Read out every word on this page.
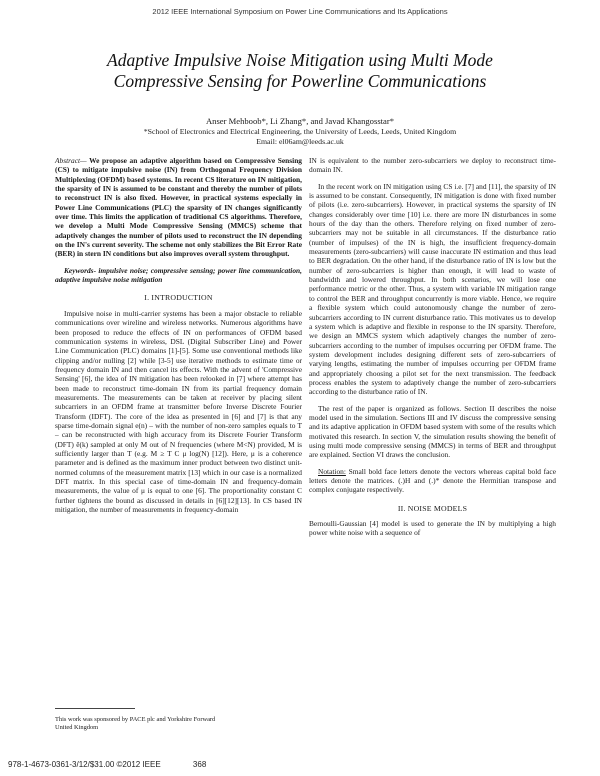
2012 IEEE International Symposium on Power Line Communications and Its Applications
Adaptive Impulsive Noise Mitigation using Multi Mode
Compressive Sensing for Powerline Communications
Anser Mehboob*, Li Zhang*, and Javad Khangosstar*
*School of Electronics and Electrical Engineering, the University of Leeds, Leeds, United Kingdom
Email: el06am@leeds.ac.uk

Abstract— We propose an adaptive algorithm based on Compressive Sensing (CS) to mitigate impulsive noise (IN) from Orthogonal Frequency Division Multiplexing (OFDM) based systems. In recent CS literature on IN mitigation, the sparsity of IN is assumed to be constant and thereby the number of pilots to reconstruct IN is also fixed. However, in practical systems especially in Power Line Communications (PLC) the sparsity of IN changes significantly over time. This limits the application of traditional CS algorithms. Therefore, we develop a Multi Mode Compressive Sensing (MMCS) scheme that adaptively changes the number of pilots used to reconstruct the IN depending on the IN's current severity. The scheme not only stabilizes the Bit Error Rate (BER) in stern IN conditions but also improves overall system throughput.

Keywords- impulsive noise; compressive sensing; power line communication, adaptive impulsive noise mitigation

I. INTRODUCTION

Impulsive noise in multi-carrier systems has been a major obstacle to reliable communications over wireline and wireless networks. Numerous algorithms have been proposed to reduce the effects of IN on performances of OFDM based communication systems in wireless, DSL (Digital Subscriber Line) and Power Line Communication (PLC) domains [1]-[5]. Some use conventional methods like clipping and/or nulling [2] while [3-5] use iterative methods to estimate time or frequency domain IN and then cancel its effects. With the advent of 'Compressive Sensing' [6], the idea of IN mitigation has been relooked in [7] where attempt has been made to reconstruct time-domain IN from its partial frequency domain measurements. The measurements can be taken at receiver by placing silent subcarriers in an OFDM frame at transmitter before Inverse Discrete Fourier Transform (IDFT). The core of the idea as presented in [6] and [7] is that any sparse time-domain signal e(n) – with the number of non-zero samples equals to T – can be reconstructed with high accuracy from its Discrete Fourier Transform (DFT) ẽ(k) sampled at only M out of N frequencies (where M<N) provided, M is sufficiently larger than T (e.g. M ≥ T C μ log(N) [12]). Here, μ is a coherence parameter and is defined as the maximum inner product between two distinct unit-normed columns of the measurement matrix [13] which in our case is a normalized DFT matrix. In this special case of time-domain IN and frequency-domain measurements, the value of μ is equal to one [6]. The proportionality constant C further tightens the bound as discussed in details in [6][12][13]. In CS based IN mitigation, the number of measurements in frequency-domain

IN is equivalent to the number zero-subcarriers we deploy to reconstruct time-domain IN.

In the recent work on IN mitigation using CS i.e. [7] and [11], the sparsity of IN is assumed to be constant. Consequently, IN mitigation is done with fixed number of pilots (i.e. zero-subcarriers). However, in practical systems the sparsity of IN changes considerably over time [10] i.e. there are more IN disturbances in some hours of the day than the others. Therefore relying on fixed number of zero-subcarriers may not be suitable in all circumstances. If the disturbance ratio (number of impulses) of the IN is high, the insufficient frequency-domain measurements (zero-subcarriers) will cause inaccurate IN estimation and thus lead to BER degradation. On the other hand, if the disturbance ratio of IN is low but the number of zero-subcarriers is higher than enough, it will lead to waste of bandwidth and lowered throughput. In both scenarios, we will lose one performance metric or the other. Thus, a system with variable IN mitigation range to control the BER and throughput concurrently is more viable. Hence, we require a flexible system which could autonomously change the number of zero-subcarriers according to IN current disturbance ratio. This motivates us to develop a system which is adaptive and flexible in response to the IN sparsity. Therefore, we design an MMCS system which adaptively changes the number of zero-subcarriers according to the number of impulses occurring per OFDM frame. The system development includes designing different sets of zero-subcarriers of varying lengths, estimating the number of impulses occurring per OFDM frame and appropriately choosing a pilot set for the next transmission. The feedback process enables the system to adaptively change the number of zero-subcarriers according to the disturbance ratio of IN.

The rest of the paper is organized as follows. Section II describes the noise model used in the simulation. Sections III and IV discuss the compressive sensing and its adaptive application in OFDM based system with some of the results which motivated this research. In section V, the simulation results showing the benefit of using multi mode compressive sensing (MMCS) in terms of BER and throughput are explained. Section VI draws the conclusion.

Notation: Small bold face letters denote the vectors whereas capital bold face letters denote the matrices. (.)H and (.)* denote the Hermitian transpose and complex conjugate respectively.

II. NOISE MODELS

Bernoulli-Gaussian [4] model is used to generate the IN by multiplying a high power white noise with a sequence of

This work was sponsored by PACE plc and Yorkshire Forward
United Kingdom
978-1-4673-0361-3/12/$31.00 ©2012 IEEE	368
